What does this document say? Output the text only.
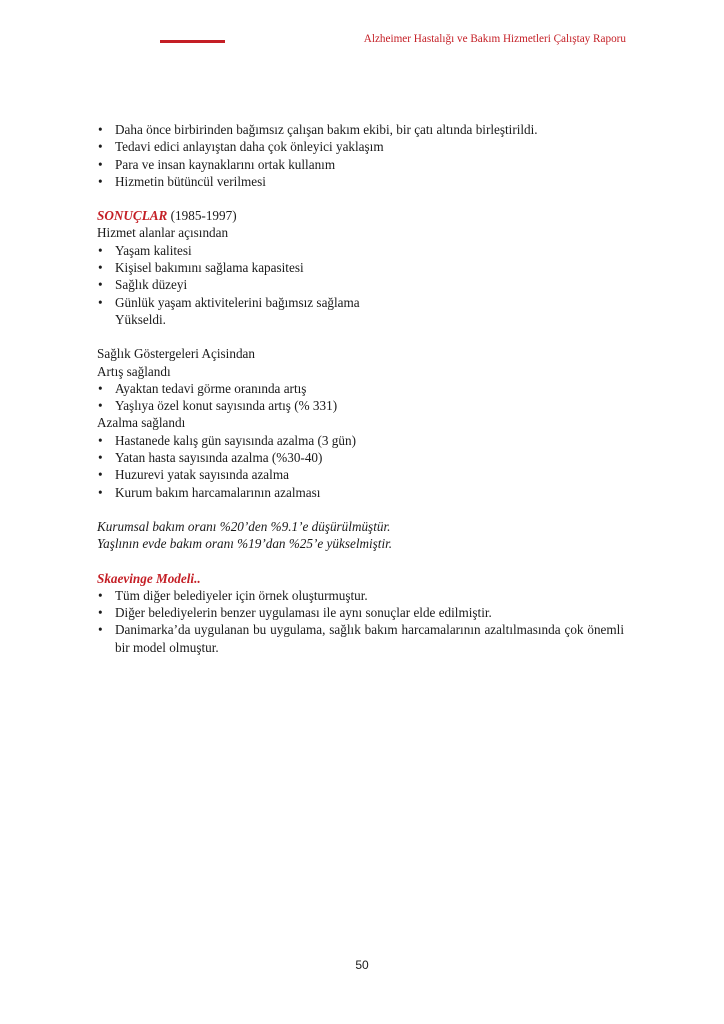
Alzheimer Hastalığı ve Bakım Hizmetleri Çalıştay Raporu
• Daha önce birbirinden bağımsız çalışan bakım ekibi, bir çatı altında birleştirildi.
• Tedavi edici anlayıştan daha çok önleyici yaklaşım
• Para ve insan kaynaklarını ortak kullanım
• Hizmetin bütüncül verilmesi
SONUÇLAR (1985-1997)
Hizmet alanlar açısından
• Yaşam kalitesi
• Kişisel bakımını sağlama kapasitesi
• Sağlık düzeyi
• Günlük yaşam aktivitelerini bağımsız sağlama
Yükseldi.
Sağlık Göstergeleri Açisindan
Artış sağlandı
• Ayaktan tedavi görme oranında artış
• Yaşlıya özel konut sayısında artış (% 331)
Azalma sağlandı
• Hastanede kalış gün sayısında azalma (3 gün)
• Yatan hasta sayısında azalma (%30-40)
• Huzurevi yatak sayısında azalma
• Kurum bakım harcamalarının azalması
Kurumsal bakım oranı %20’den %9.1’e düşürülmüştür.
Yaşlının evde bakım oranı %19’dan %25’e yükselmiştir.
Skaevinge Modeli..
• Tüm diğer belediyeler için örnek oluşturmuştur.
• Diğer belediyelerin benzer uygulaması ile aynı sonuçlar elde edilmiştir.
• Danimarka’da uygulanan bu uygulama, sağlık bakım harcamalarının azaltılmasında çok önemli bir model olmuştur.
50
